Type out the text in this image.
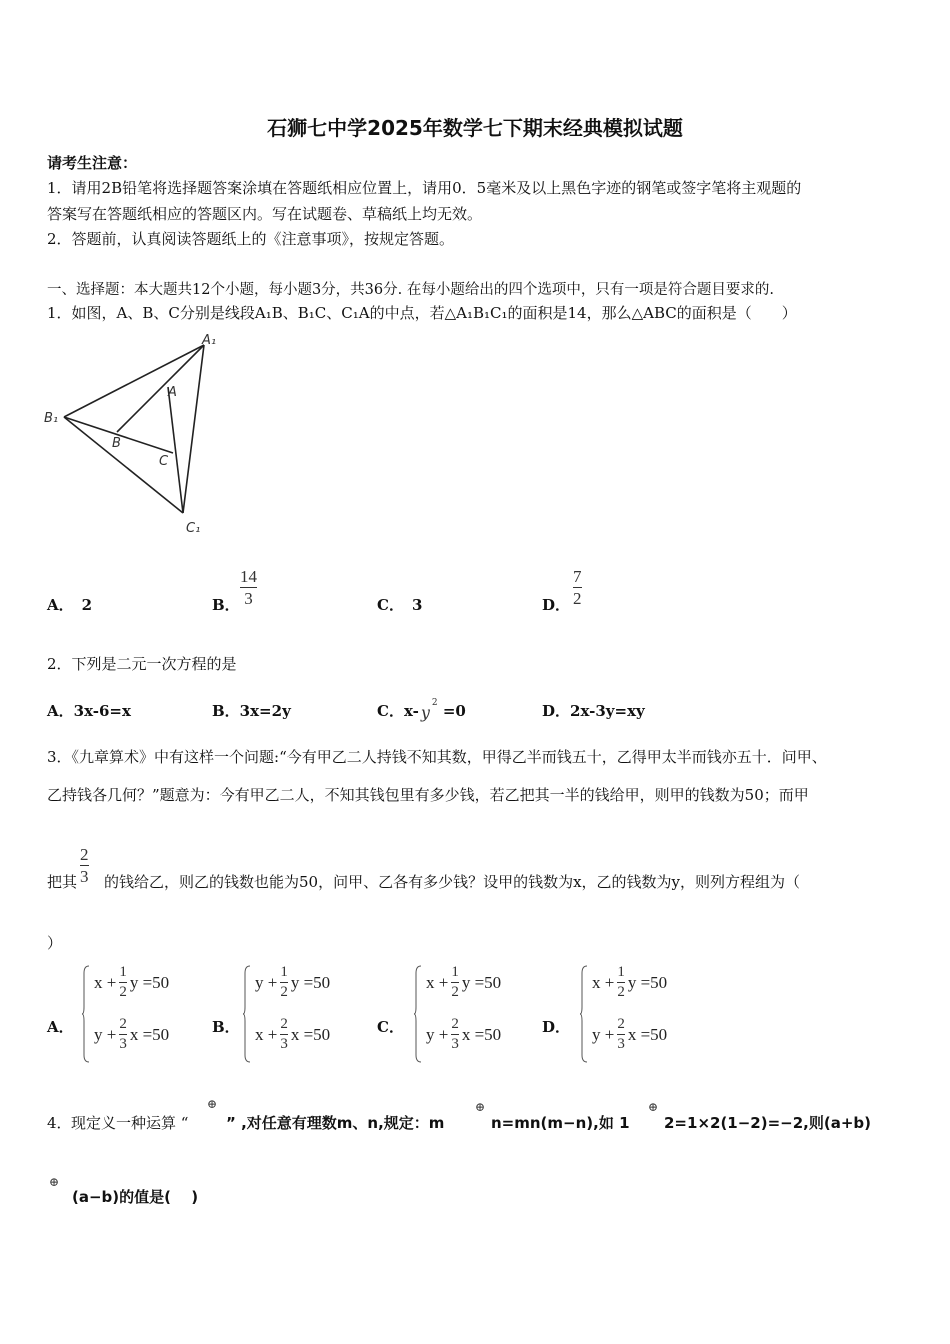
石狮七中学2025年数学七下期末经典模拟试题
请考生注意：
1．请用2B铅笔将选择题答案涂填在答题纸相应位置上，请用0．5毫米及以上黑色字迹的钢笔或签字笔将主观题的
答案写在答题纸相应的答题区内。写在试题卷、草稿纸上均无效。
2．答题前，认真阅读答题纸上的《注意事项》，按规定答题。
一、选择题：本大题共12个小题，每小题3分，共36分. 在每小题给出的四个选项中，只有一项是符合题目要求的.
1．如图，A、B、C分别是线段A₁B、B₁C、C₁A的中点，若△A₁B₁C₁的面积是14，那么△ABC的面积是（　　）
A₁
A
B₁
B
C
C₁
A． 2	B． $\frac{14}{3}$	C． 3	D． $\frac{7}{2}$
2．下列是二元一次方程的是
A．3x-6=x	B．3x=2y	C．x- y 2 =0	D．2x-3y=xy
3．《九章算术》中有这样一个问题:“今有甲乙二人持钱不知其数，甲得乙半而钱五十，乙得甲太半而钱亦五十．问甲、
乙持钱各几何？”题意为：今有甲乙二人，不知其钱包里有多少钱，若乙把其一半的钱给甲，则甲的钱数为50；而甲
把其 $\frac{2}{3}$ 的钱给乙，则乙的钱数也能为50，问甲、乙各有多少钱？设甲的钱数为x，乙的钱数为y，则列方程组为（
）
A．
$x + \frac{1}{2}$ y =50
$y + \frac{2}{3}$ x =50	B．
$y + \frac{1}{2}$ y =50
$x + \frac{2}{3}$ x =50	C．
$x + \frac{1}{2}$ y =50
$y + \frac{2}{3}$ x =50	D．
$x + \frac{1}{2}$ y =50
$y + \frac{2}{3}$ x =50
4． 现定义一种运算 “
⊕
” ,对任意有理数m、n,规定：m
⊕
n=mn(m−n),如 1
⊕
2=1×2(1−2)=−2,则(a+b)
⊕
(a−b)的值是(　 )
